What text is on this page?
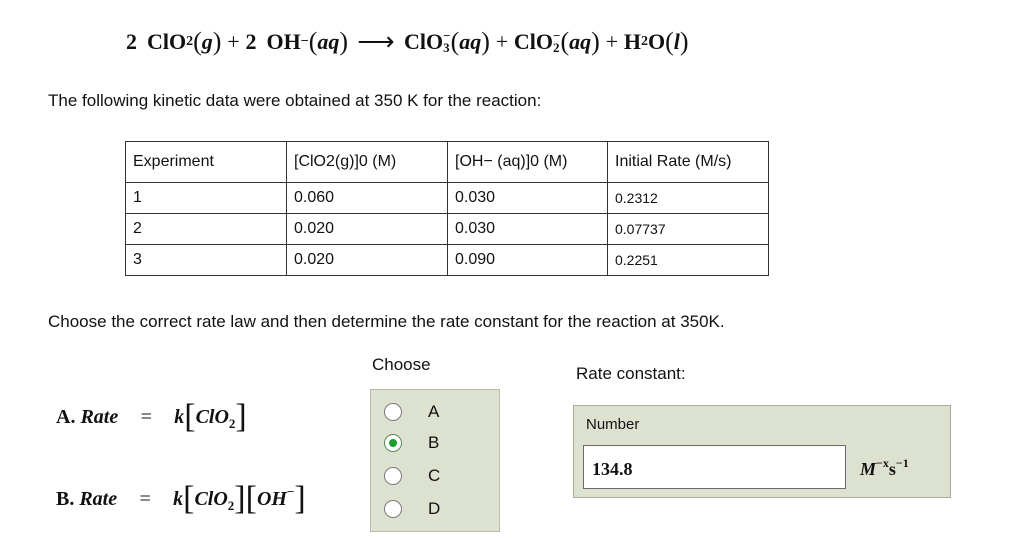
2 ClO 2 ( g ) + 2 OH − ( aq ) ⟶ ClO −
3 ( aq ) + ClO −
2 ( aq ) + H 2 O ( l )
The following kinetic data were obtained at 350 K for the reaction:
Experiment	[ClO2(g)]0 (M)	[OH− (aq)]0 (M)	Initial Rate (M/s)
1	0.060	0.030	0.2312
2	0.020	0.030	0.07737
3	0.020	0.090	0.2251
Choose the correct rate law and then determine the rate constant for the reaction at 350K.
Choose	Rate constant:
A. Rate = k[ClO$_2$]
B. Rate = k[ClO$_2$][OH−]
A
B
C
D
Number
134.8
$M^{-x}s^{-1}$
